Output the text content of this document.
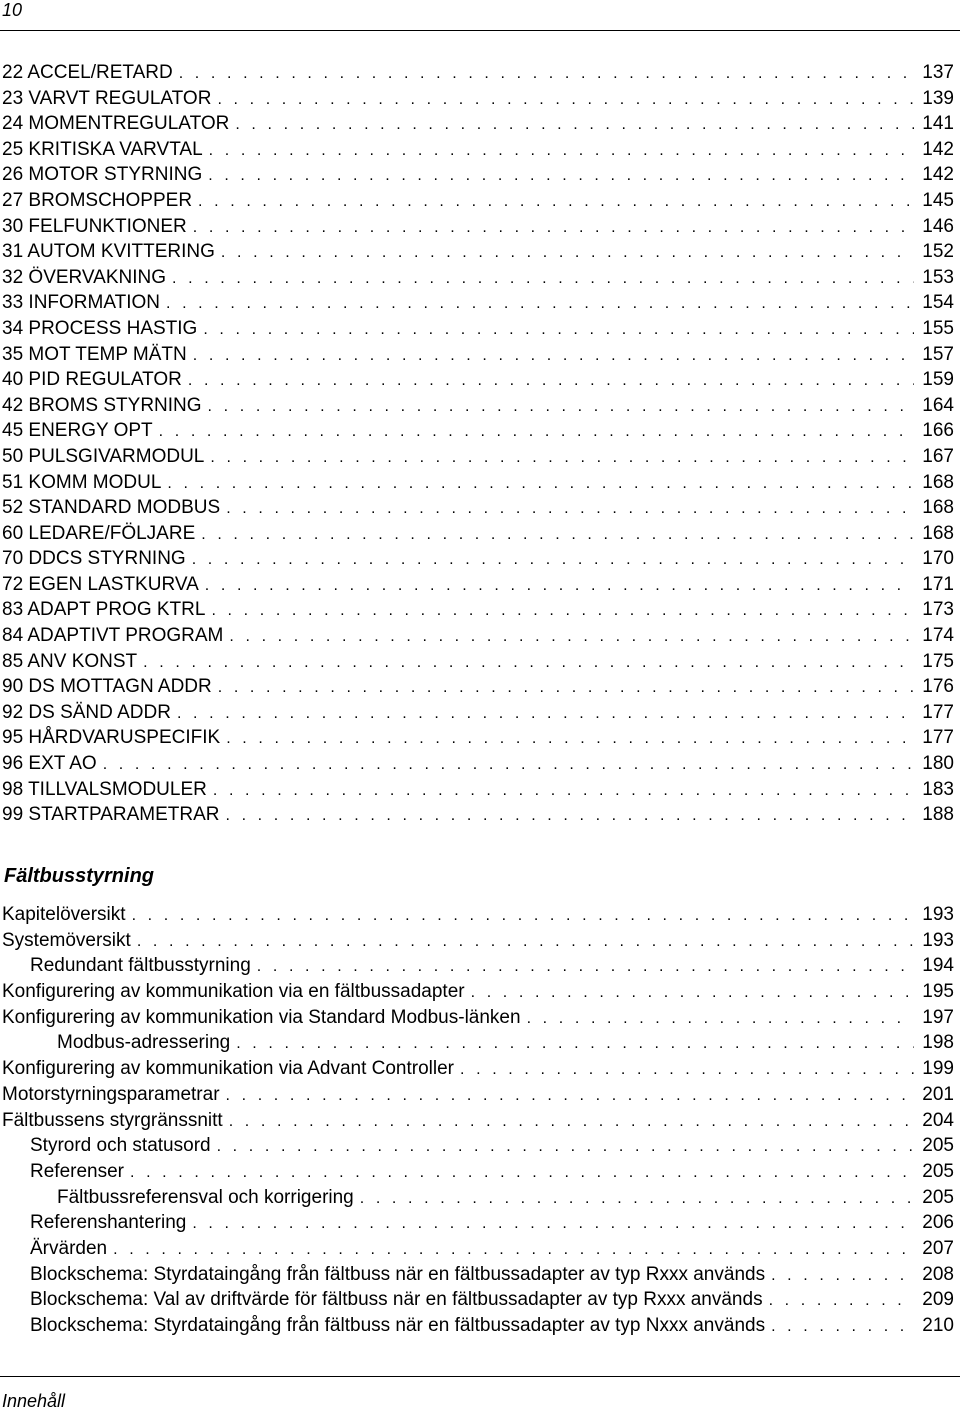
10
22 ACCEL/RETARD . . .	137
23 VARVT REGULATOR . . .	139
24 MOMENTREGULATOR . . .	141
25 KRITISKA VARVTAL . . .	142
26 MOTOR STYRNING . . .	142
27 BROMSCHOPPER . . .	145
30 FELFUNKTIONER . . .	146
31 AUTOM KVITTERING . . .	152
32 ÖVERVAKNING . . .	153
33 INFORMATION . . .	154
34 PROCESS HASTIG . . .	155
35 MOT TEMP MÄTN . . .	157
40 PID REGULATOR . . .	159
42 BROMS STYRNING . . .	164
45 ENERGY OPT . . .	166
50 PULSGIVARMODUL . . .	167
51 KOMM MODUL . . .	168
52 STANDARD MODBUS . . .	168
60 LEDARE/FÖLJARE . . .	168
70 DDCS STYRNING . . .	170
72 EGEN LASTKURVA . . .	171
83 ADAPT PROG KTRL . . .	173
84 ADAPTIVT PROGRAM . . .	174
85 ANV KONST . . .	175
90 DS MOTTAGN ADDR . . .	176
92 DS SÄND ADDR . . .	177
95 HÅRDVARUSPECIFIK . . .	177
96 EXT AO . . .	180
98 TILLVALSMODULER . . .	183
99 STARTPARAMETRAR . . .	188
Fältbusstyrning
Kapitelöversikt . . .	193
Systemöversikt . . .	193
Redundant fältbusstyrning . . .	194
Konfigurering av kommunikation via en fältbussadapter . . .	195
Konfigurering av kommunikation via Standard Modbus-länken . . .	197
Modbus-adressering . . .	198
Konfigurering av kommunikation via Advant Controller . . .	199
Motorstyrningsparametrar . . .	201
Fältbussens styrgränssnitt . . .	204
Styrord och statusord . . .	205
Referenser . . .	205
Fältbussreferensval och korrigering . . .	205
Referenshantering . . .	206
Ärvärden . . .	207
Blockschema: Styrdataingång från fältbuss när en fältbussadapter av typ Rxxx används . . .	208
Blockschema: Val av driftvärde för fältbuss när en fältbussadapter av typ Rxxx används . . .	209
Blockschema: Styrdataingång från fältbuss när en fältbussadapter av typ Nxxx används . . .	210
Innehåll
